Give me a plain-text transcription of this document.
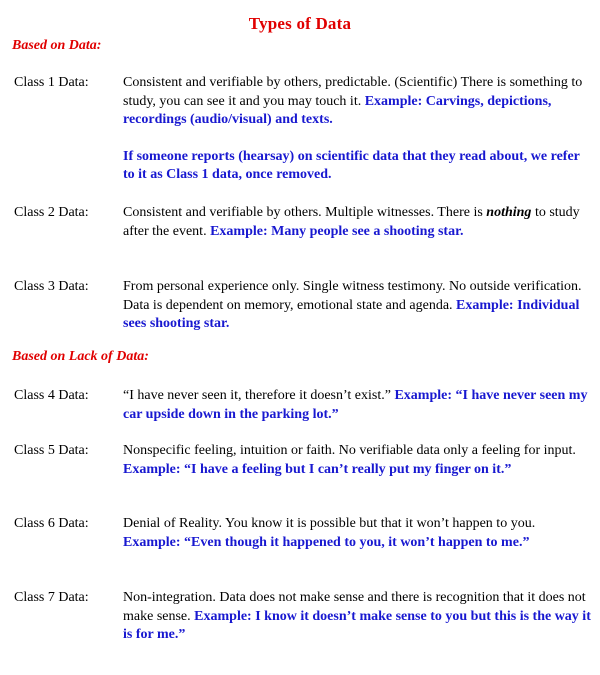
Types of Data
Based on Data:
Class 1 Data:	Consistent and verifiable by others, predictable. (Scientific) There is something to study, you can see it and you may touch it. Example: Carvings, depictions, recordings (audio/visual) and texts.
If someone reports (hearsay) on scientific data that they read about, we refer to it as Class 1 data, once removed.
Class 2 Data:	Consistent and verifiable by others. Multiple witnesses. There is nothing to study after the event. Example: Many people see a shooting star.
Class 3 Data:	From personal experience only. Single witness testimony. No outside verification. Data is dependent on memory, emotional state and agenda. Example: Individual sees shooting star.
Based on Lack of Data:
Class 4 Data:	“I have never seen it, therefore it doesn’t exist.” Example: “I have never seen my car upside down in the parking lot.”
Class 5 Data:	Nonspecific feeling, intuition or faith. No verifiable data only a feeling for input. Example: “I have a feeling but I can’t really put my finger on it.”
Class 6 Data:	Denial of Reality. You know it is possible but that it won’t happen to you. Example: “Even though it happened to you, it won’t happen to me.”
Class 7 Data:	Non-integration. Data does not make sense and there is recognition that it does not make sense. Example: I know it doesn’t make sense to you but this is the way it is for me.”
